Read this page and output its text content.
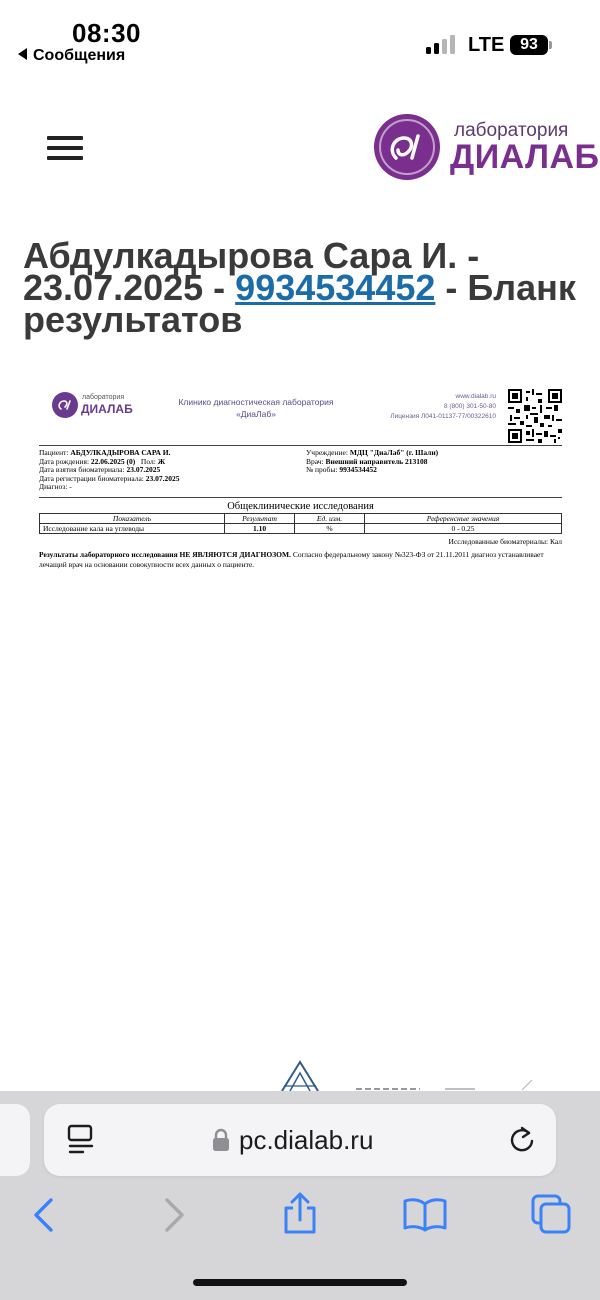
08:30
Сообщения	LTE 93
лаборатория
ДИАЛАБ
Абдулкадырова Сара И. - 23.07.2025 - 9934534452 - Бланк результатов
лаборатория
ДИАЛАБ	Клинико диагностическая лаборатория
«ДиаЛаб»
www.dialab.ru
8 (800) 301-50-80
Лицензия Л041-01137-77/00322610
Пациент: АБДУЛКАДЫРОВА САРА И.
Дата рождения: 22.06.2025 (0) Пол: Ж
Дата взятия биоматериала: 23.07.2025
Дата регистрации биоматериала: 23.07.2025
Диагноз: -
Учреждение: МДЦ "ДиаЛаб" (г. Шали)
Врач: Внешний направитель 213108
№ пробы: 9934534452
Общеклинические исследования
Показатель	Результат	Ед. изм.	Референсные значения
Исследование кала на углеводы	1.10	%	0 - 0.25
Исследованные биоматериалы: Кал
Результаты лабораторного исследования НЕ ЯВЛЯЮТСЯ ДИАГНОЗОМ. Согласно федеральному закону №323-ФЗ от 21.11.2011 диагноз устанавливает лечащий врач на основании совокупности всех данных о пациенте.
pc.dialab.ru
